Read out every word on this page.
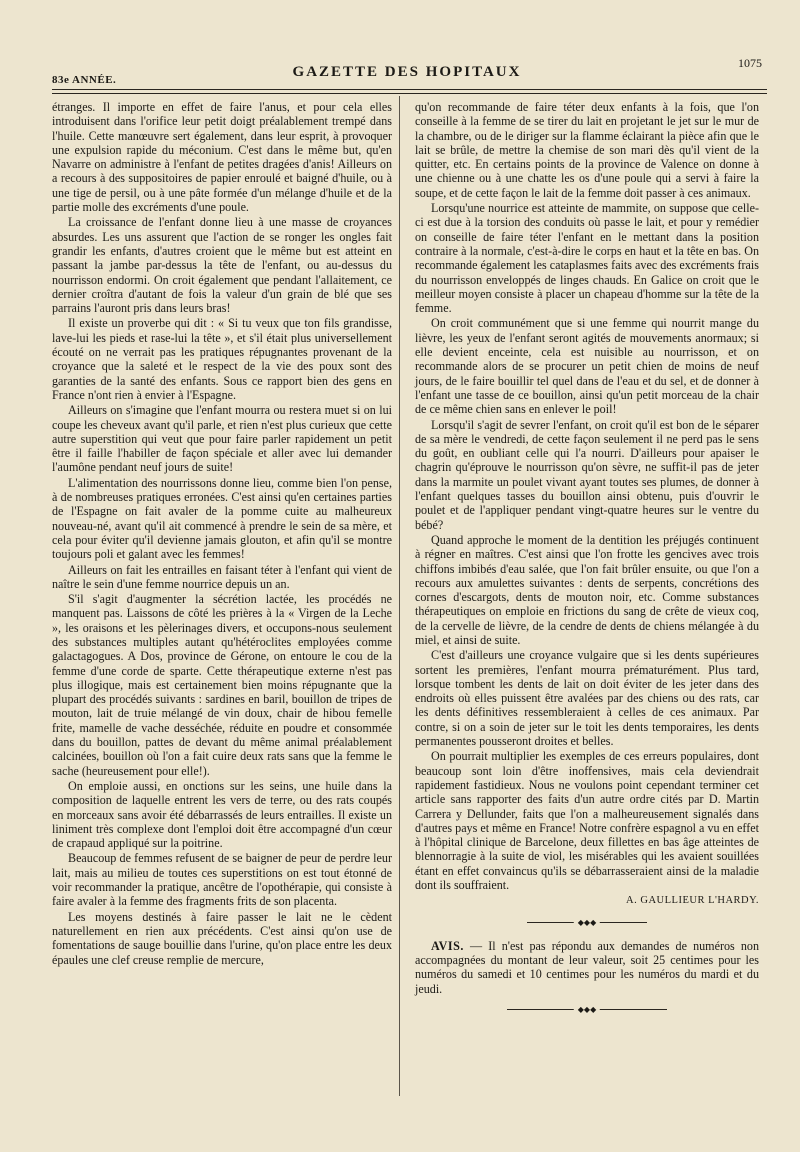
83e ANNÉE.	GAZETTE DES HOPITAUX
1075

étranges. Il importe en effet de faire l'anus, et pour cela elles introduisent dans l'orifice leur petit doigt préalablement trempé dans l'huile. Cette manœuvre sert également, dans leur esprit, à provoquer une expulsion rapide du méconium. C'est dans le même but, qu'en Navarre on administre à l'enfant de petites dragées d'anis! Ailleurs on a recours à des suppositoires de papier enroulé et baigné d'huile, ou à une tige de persil, ou à une pâte formée d'un mélange d'huile et de la partie molle des excréments d'une poule.

La croissance de l'enfant donne lieu à une masse de croyances absurdes. Les uns assurent que l'action de se ronger les ongles fait grandir les enfants, d'autres croient que le même but est atteint en passant la jambe par-dessus la tête de l'enfant, ou au-dessus du nourrisson endormi. On croit également que pendant l'allaitement, ce dernier croîtra d'autant de fois la valeur d'un grain de blé que ses parrains l'auront pris dans leurs bras!

Il existe un proverbe qui dit : « Si tu veux que ton fils grandisse, lave-lui les pieds et rase-lui la tête », et s'il était plus universellement écouté on ne verrait pas les pratiques répugnantes provenant de la croyance que la saleté et le respect de la vie des poux sont des garanties de la santé des enfants. Sous ce rapport bien des gens en France n'ont rien à envier à l'Espagne.

Ailleurs on s'imagine que l'enfant mourra ou restera muet si on lui coupe les cheveux avant qu'il parle, et rien n'est plus curieux que cette autre superstition qui veut que pour faire parler rapidement un petit être il faille l'habiller de façon spéciale et aller avec lui demander l'aumône pendant neuf jours de suite!

L'alimentation des nourrissons donne lieu, comme bien l'on pense, à de nombreuses pratiques erronées. C'est ainsi qu'en certaines parties de l'Espagne on fait avaler de la pomme cuite au malheureux nouveau-né, avant qu'il ait commencé à prendre le sein de sa mère, et cela pour éviter qu'il devienne jamais glouton, et afin qu'il se montre toujours poli et galant avec les femmes!

Ailleurs on fait les entrailles en faisant téter à l'enfant qui vient de naître le sein d'une femme nourrice depuis un an.

S'il s'agit d'augmenter la sécrétion lactée, les procédés ne manquent pas. Laissons de côté les prières à la « Virgen de la Leche », les oraisons et les pèlerinages divers, et occupons-nous seulement des substances multiples autant qu'hétéroclites employées comme galactagogues. A Dos, province de Gérone, on entoure le cou de la femme d'une corde de sparte. Cette thérapeutique externe n'est pas plus illogique, mais est certainement bien moins répugnante que la plupart des procédés suivants : sardines en baril, bouillon de tripes de mouton, lait de truie mélangé de vin doux, chair de hibou femelle frite, mamelle de vache desséchée, réduite en poudre et consommée dans du bouillon, pattes de devant du même animal préalablement calcinées, bouillon où l'on a fait cuire deux rats sans que la femme le sache (heureusement pour elle!).

On emploie aussi, en onctions sur les seins, une huile dans la composition de laquelle entrent les vers de terre, ou des rats coupés en morceaux sans avoir été débarrassés de leurs entrailles. Il existe un liniment très complexe dont l'emploi doit être accompagné d'un cœur de crapaud appliqué sur la poitrine.

Beaucoup de femmes refusent de se baigner de peur de perdre leur lait, mais au milieu de toutes ces superstitions on est tout étonné de voir recommander la pratique, ancêtre de l'opothérapie, qui consiste à faire avaler à la femme des fragments frits de son placenta.

Les moyens destinés à faire passer le lait ne le cèdent naturellement en rien aux précédents. C'est ainsi qu'on use de fomentations de sauge bouillie dans l'urine, qu'on place entre les deux épaules une clef creuse remplie de mercure,

qu'on recommande de faire téter deux enfants à la fois, que l'on conseille à la femme de se tirer du lait en projetant le jet sur le mur de la chambre, ou de le diriger sur la flamme éclairant la pièce afin que le lait se brûle, de mettre la chemise de son mari dès qu'il vient de la quitter, etc. En certains points de la province de Valence on donne à une chienne ou à une chatte les os d'une poule qui a servi à faire la soupe, et de cette façon le lait de la femme doit passer à ces animaux.

Lorsqu'une nourrice est atteinte de mammite, on suppose que celle-ci est due à la torsion des conduits où passe le lait, et pour y remédier on conseille de faire téter l'enfant en le mettant dans la position contraire à la normale, c'est-à-dire le corps en haut et la tête en bas. On recommande également les cataplasmes faits avec des excréments frais du nourrisson enveloppés de linges chauds. En Galice on croit que le meilleur moyen consiste à placer un chapeau d'homme sur la tête de la femme.

On croit communément que si une femme qui nourrit mange du lièvre, les yeux de l'enfant seront agités de mouvements anormaux; si elle devient enceinte, cela est nuisible au nourrisson, et on recommande alors de se procurer un petit chien de moins de neuf jours, de le faire bouillir tel quel dans de l'eau et du sel, et de donner à l'enfant une tasse de ce bouillon, ainsi qu'un petit morceau de la chair de ce même chien sans en enlever le poil!

Lorsqu'il s'agit de sevrer l'enfant, on croit qu'il est bon de le séparer de sa mère le vendredi, de cette façon seulement il ne perd pas le sens du goût, en oubliant celle qui l'a nourri. D'ailleurs pour apaiser le chagrin qu'éprouve le nourrisson qu'on sèvre, ne suffit-il pas de jeter dans la marmite un poulet vivant ayant toutes ses plumes, de donner à l'enfant quelques tasses du bouillon ainsi obtenu, puis d'ouvrir le poulet et de l'appliquer pendant vingt-quatre heures sur le ventre du bébé?

Quand approche le moment de la dentition les préjugés continuent à régner en maîtres. C'est ainsi que l'on frotte les gencives avec trois chiffons imbibés d'eau salée, que l'on fait brûler ensuite, ou que l'on a recours aux amulettes suivantes : dents de serpents, concrétions des cornes d'escargots, dents de mouton noir, etc. Comme substances thérapeutiques on emploie en frictions du sang de crête de vieux coq, de la cervelle de lièvre, de la cendre de dents de chiens mélangée à du miel, et ainsi de suite.

C'est d'ailleurs une croyance vulgaire que si les dents supérieures sortent les premières, l'enfant mourra prématurément. Plus tard, lorsque tombent les dents de lait on doit éviter de les jeter dans des endroits où elles puissent être avalées par des chiens ou des rats, car les dents définitives ressembleraient à celles de ces animaux. Par contre, si on a soin de jeter sur le toit les dents temporaires, les dents permanentes pousseront droites et belles.

On pourrait multiplier les exemples de ces erreurs populaires, dont beaucoup sont loin d'être inoffensives, mais cela deviendrait rapidement fastidieux. Nous ne voulons point cependant terminer cet article sans rapporter des faits d'un autre ordre cités par D. Martin Carrera y Dellunder, faits que l'on a malheureusement signalés dans d'autres pays et même en France! Notre confrère espagnol a vu en effet à l'hôpital clinique de Barcelone, deux fillettes en bas âge atteintes de blennorragie à la suite de viol, les misérables qui les avaient souillées étant en effet convaincus qu'ils se débarrasseraient ainsi de la maladie dont ils souffraient.

A. GAULLIEUR L'HARDY.

◆◆◆

AVIS. — Il n'est pas répondu aux demandes de numéros non accompagnées du montant de leur valeur, soit 25 centimes pour les numéros du samedi et 10 centimes pour les numéros du mardi et du jeudi.

◆◆◆
